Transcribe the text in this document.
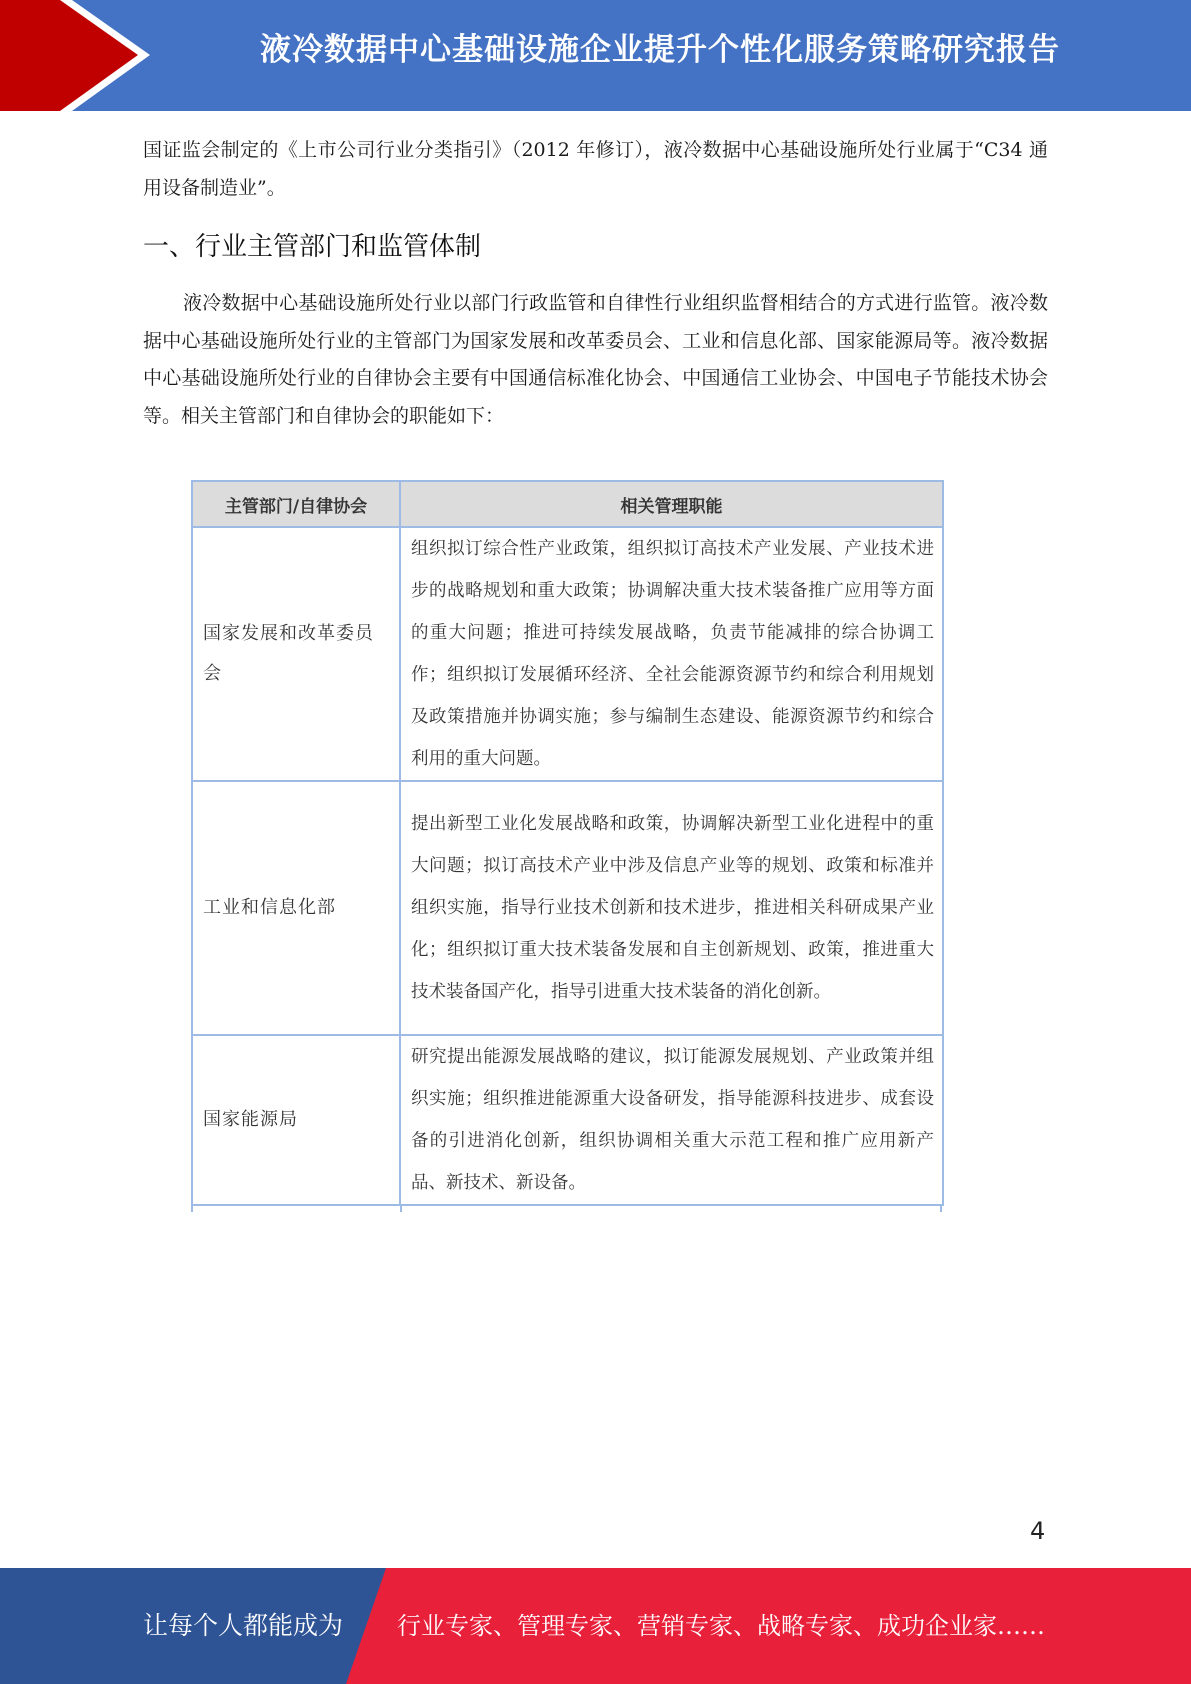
液冷数据中心基础设施企业提升个性化服务策略研究报告

国证监会制定的《上市公司行业分类指引》（2012 年修订），液冷数据中心基础设施所处行业属于“C34 通用设备制造业”。

一、行业主管部门和监管体制

液冷数据中心基础设施所处行业以部门行政监管和自律性行业组织监督相结合的方式进行监管。液冷数据中心基础设施所处行业的主管部门为国家发展和改革委员会、工业和信息化部、国家能源局等。液冷数据中心基础设施所处行业的自律协会主要有中国通信标准化协会、中国通信工业协会、中国电子节能技术协会等。相关主管部门和自律协会的职能如下：

主管部门/自律协会	相关管理职能
国家发展和改革委员会	组织拟订综合性产业政策，组织拟订高技术产业发展、产业技术进步的战略规划和重大政策；协调解决重大技术装备推广应用等方面的重大问题；推进可持续发展战略，负责节能减排的综合协调工作；组织拟订发展循环经济、全社会能源资源节约和综合利用规划及政策措施并协调实施；参与编制生态建设、能源资源节约和综合利用的重大问题。
工业和信息化部	提出新型工业化发展战略和政策，协调解决新型工业化进程中的重大问题；拟订高技术产业中涉及信息产业等的规划、政策和标准并组织实施，指导行业技术创新和技术进步，推进相关科研成果产业化；组织拟订重大技术装备发展和自主创新规划、政策，推进重大技术装备国产化，指导引进重大技术装备的消化创新。
国家能源局	研究提出能源发展战略的建议，拟订能源发展规划、产业政策并组织实施；组织推进能源重大设备研发，指导能源科技进步、成套设备的引进消化创新，组织协调相关重大示范工程和推广应用新产品、新技术、新设备。
4
让每个人都能成为 行业专家、管理专家、营销专家、战略专家、成功企业家……
